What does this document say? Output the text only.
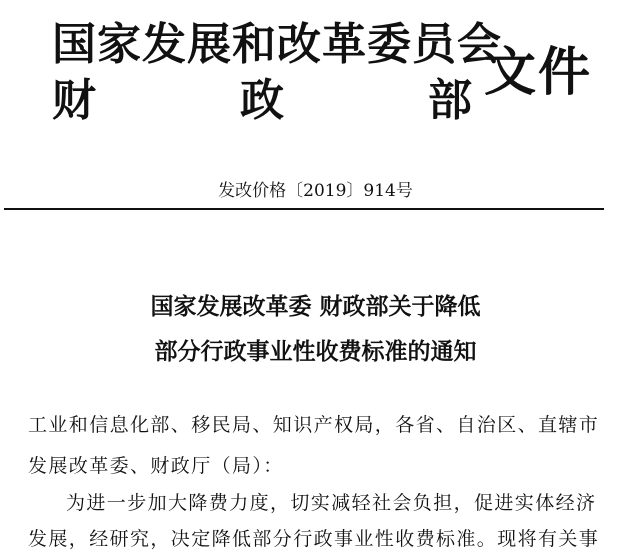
国家发展和改革委员会
财	政	部 文件
发改价格〔2019〕914号
国家发展改革委 财政部关于降低
部分行政事业性收费标准的通知
工业和信息化部、移民局、知识产权局，各省、自治区、直辖市
发展改革委、财政厅（局）：
为进一步加大降费力度，切实减轻社会负担，促进实体经济
发展，经研究，决定降低部分行政事业性收费标准。现将有关事
